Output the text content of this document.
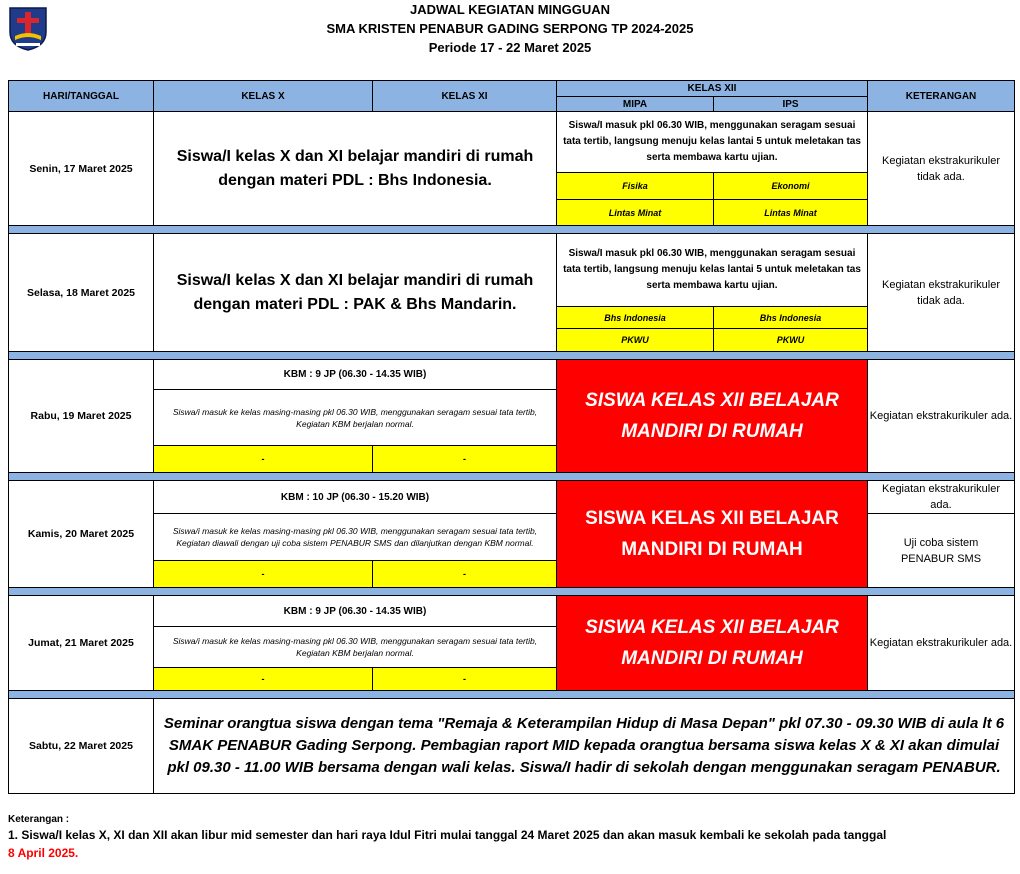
JADWAL KEGIATAN MINGGUAN
SMA KRISTEN PENABUR GADING SERPONG TP 2024-2025
Periode 17 - 22 Maret 2025
HARI/TANGGAL	KELAS X	KELAS XI	KELAS XII		KETERANGAN
			MIPA	IPS	
Senin, 17 Maret 2025	Siswa/I kelas X dan XI belajar mandiri di rumah
dengan materi PDL : Bhs Indonesia.		Siswa/I masuk pkl 06.30 WIB, menggunakan seragam sesuai tata tertib, langsung menuju kelas lantai 5 untuk meletakan tas serta membawa kartu ujian.		Kegiatan ekstrakurikuler tidak ada.
			Fisika	Ekonomi	
			Lintas Minat	Lintas Minat	

Selasa, 18 Maret 2025	Siswa/I kelas X dan XI belajar mandiri di rumah
dengan materi PDL : PAK & Bhs Mandarin.		Siswa/I masuk pkl 06.30 WIB, menggunakan seragam sesuai tata tertib, langsung menuju kelas lantai 5 untuk meletakan tas serta membawa kartu ujian.		Kegiatan ekstrakurikuler tidak ada.
			Bhs Indonesia	Bhs Indonesia	
			PKWU	PKWU	

Rabu, 19 Maret 2025	KBM : 9 JP (06.30 - 14.35 WIB)		SISWA KELAS XII BELAJAR
MANDIRI DI RUMAH		Kegiatan ekstrakurikuler ada.

	Siswa/i masuk ke kelas masing-masing pkl 06.30 WIB, menggunakan seragam sesuai tata tertib,
Kegiatan KBM berjalan normal.				

	-	-			

Kamis, 20 Maret 2025	KBM : 10 JP (06.30 - 15.20 WIB)		SISWA KELAS XII BELAJAR
MANDIRI DI RUMAH		Kegiatan ekstrakurikuler ada.

	Siswa/i masuk ke kelas masing-masing pkl 06.30 WIB, menggunakan seragam sesuai tata tertib,
Kegiatan diawali dengan uji coba sistem PENABUR SMS dan dilanjutkan dengan KBM normal.				Uji coba sistem PENABUR SMS
	-	-			

Jumat, 21 Maret 2025	KBM : 9 JP (06.30 - 14.35 WIB)		SISWA KELAS XII BELAJAR
MANDIRI DI RUMAH		Kegiatan ekstrakurikuler ada.

	Siswa/i masuk ke kelas masing-masing pkl 06.30 WIB, menggunakan seragam sesuai tata tertib,
Kegiatan KBM berjalan normal.				

	-	-			

Sabtu, 22 Maret 2025	Seminar orangtua siswa dengan tema "Remaja & Keterampilan Hidup di Masa Depan" pkl 07.30 - 09.30 WIB di aula lt 6 SMAK PENABUR Gading Serpong. Pembagian raport MID kepada orangtua bersama siswa kelas X & XI akan dimulai pkl 09.30 - 11.00 WIB bersama dengan wali kelas. Siswa/I hadir di sekolah dengan menggunakan seragam PENABUR.				
Keterangan :
1. Siswa/I kelas X, XI dan XII akan libur mid semester dan hari raya Idul Fitri mulai tanggal 24 Maret 2025 dan akan masuk kembali ke sekolah pada tanggal
8 April 2025.
